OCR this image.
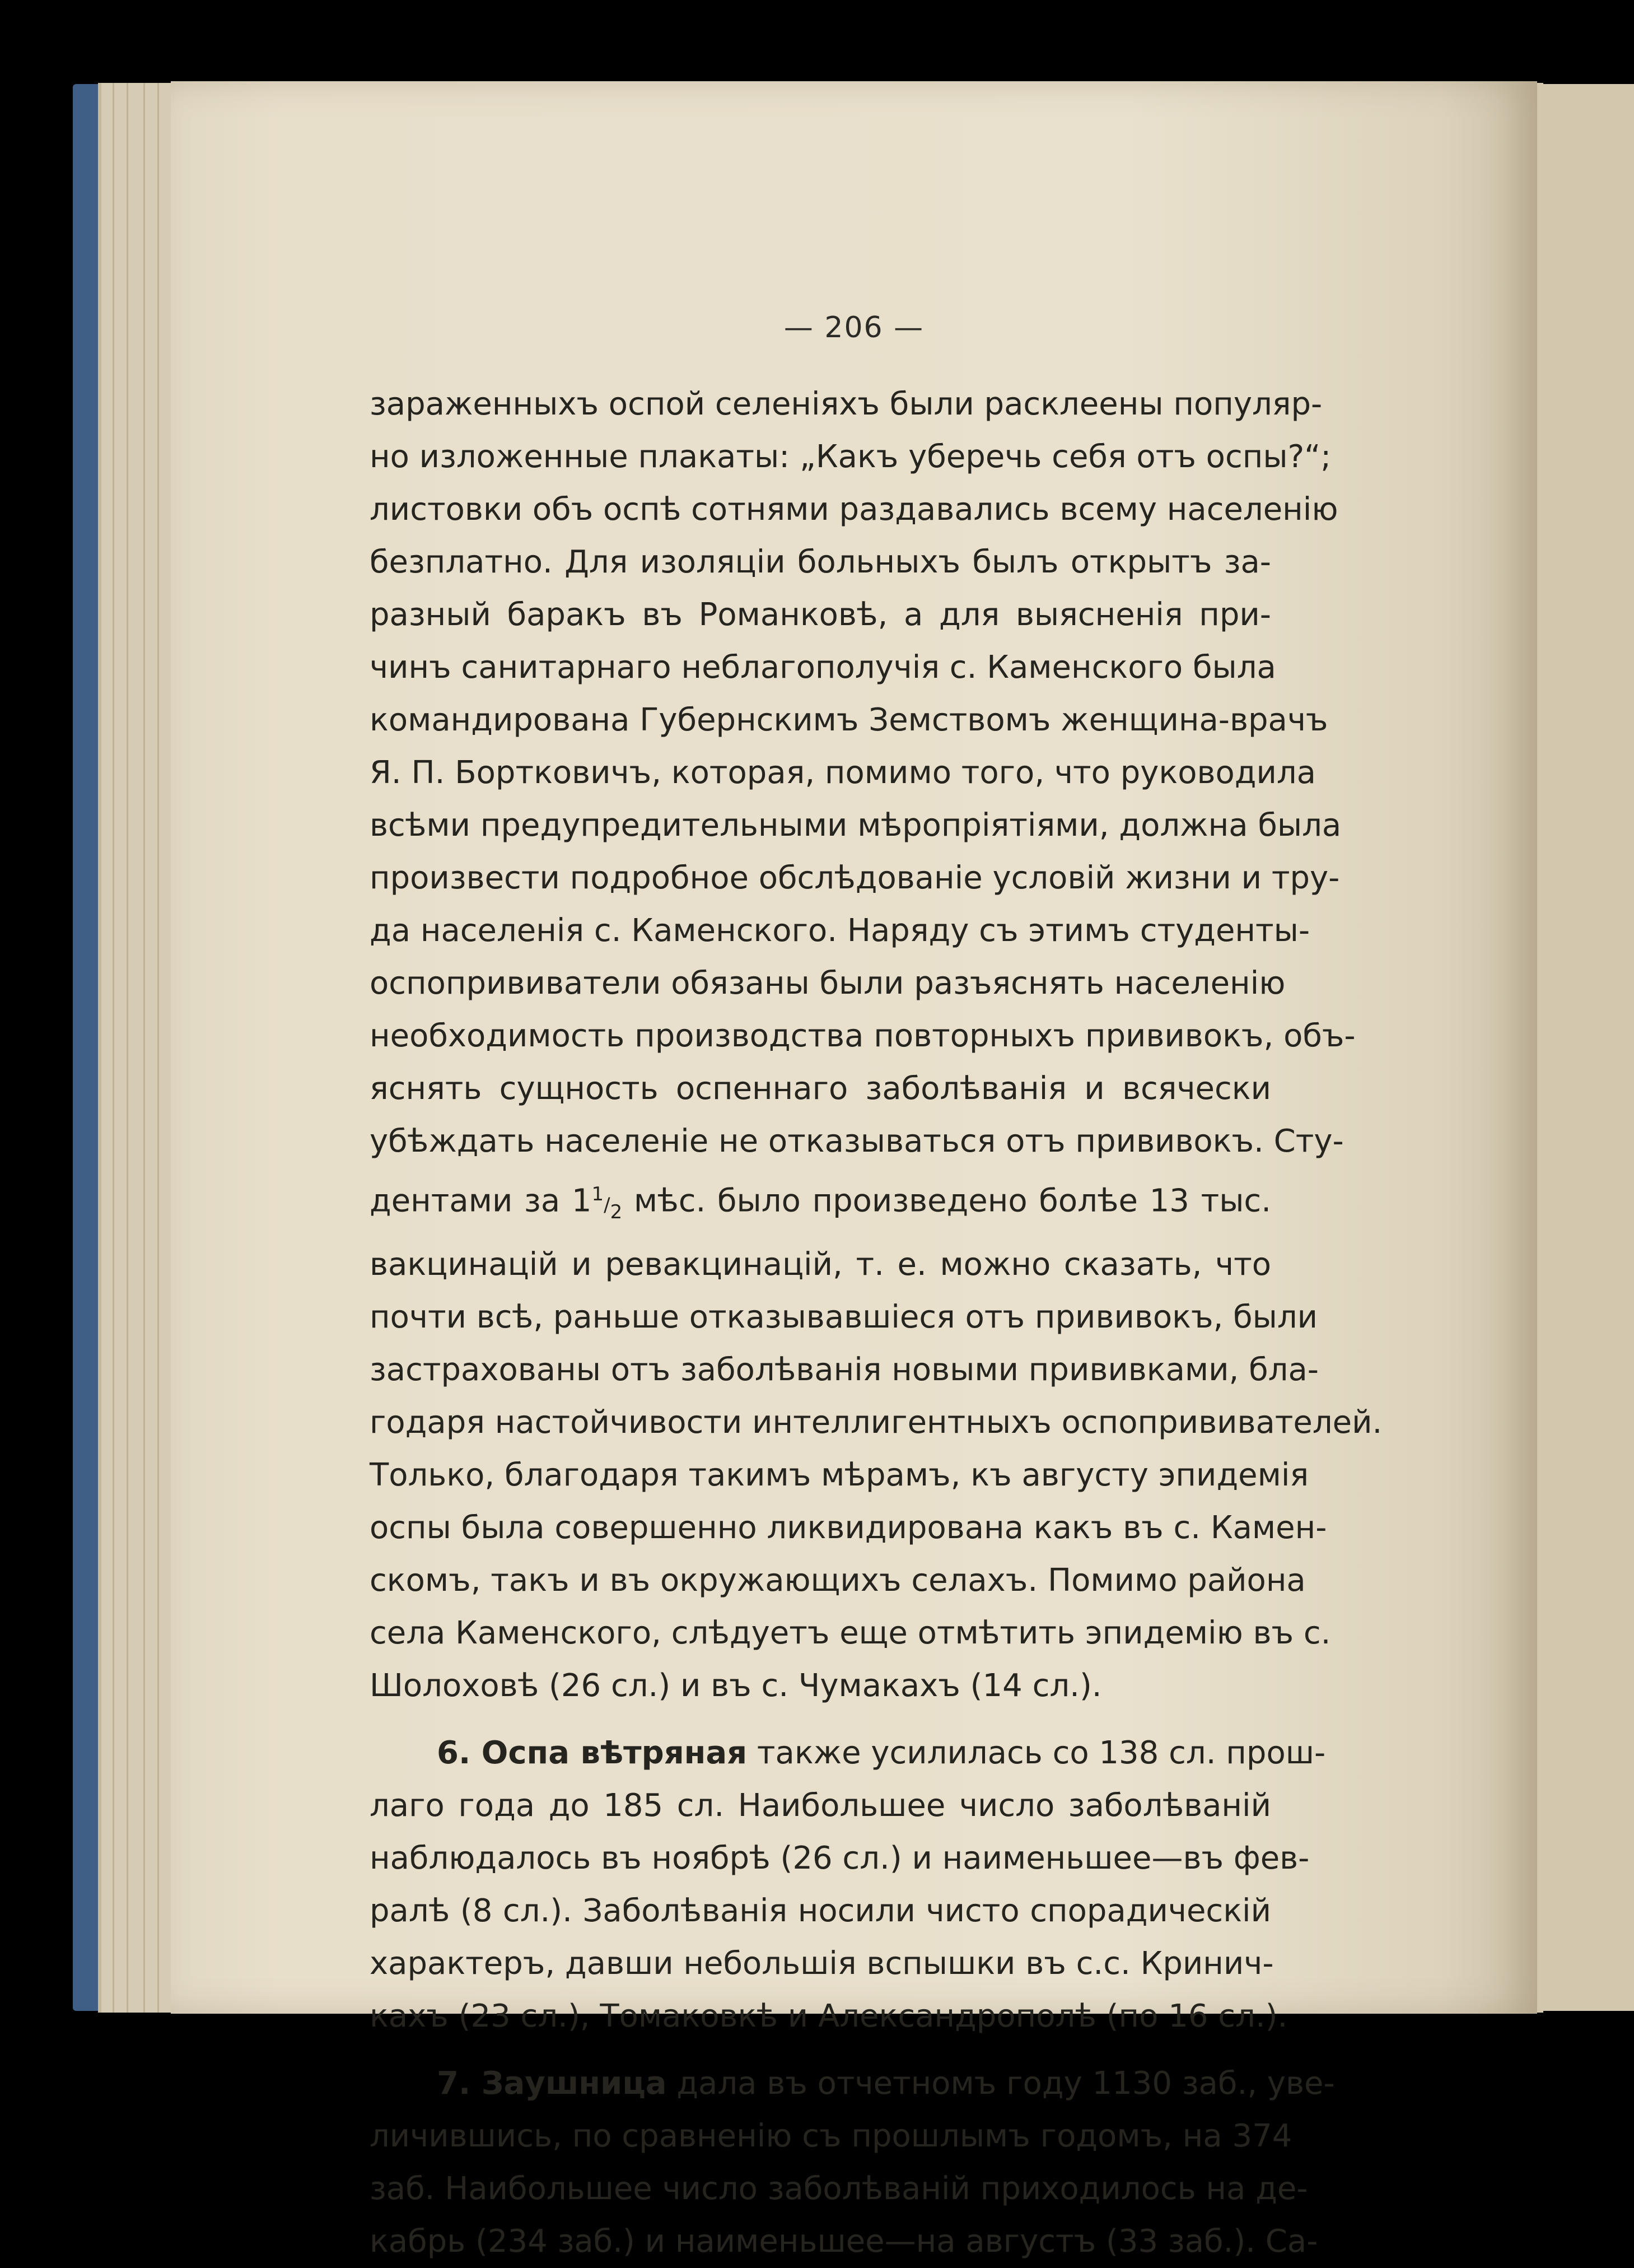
— 206 —
зараженныхъ оспой селеніяхъ были расклеены популяр-
но изложенные плакаты: „Какъ уберечь себя отъ оспы?“;
листовки объ оспѣ сотнями раздавались всему населенію
безплатно. Для изоляціи больныхъ былъ открытъ за-
разный баракъ въ Романковѣ, а для выясненія при-
чинъ санитарнаго неблагополучія с. Каменского была
командирована Губернскимъ Земствомъ женщина-врачъ
Я. П. Бортковичъ, которая, помимо того, что руководила
всѣми предупредительными мѣропріятіями, должна была
произвести подробное обслѣдованіе условій жизни и тру-
да населенія с. Каменского. Наряду съ этимъ студенты-
оспопрививатели обязаны были разъяснять населенію
необходимость производства повторныхъ прививокъ, объ-
яснять сущность оспеннаго заболѣванія и всячески
убѣждать населеніе не отказываться отъ прививокъ. Сту-
дентами за $1^1/_2$ мѣс. было произведено болѣе 13 тыс.
вакцинацій и ревакцинацій, т. е. можно сказать, что
почти всѣ, раньше отказывавшіеся отъ прививокъ, были
застрахованы отъ заболѣванія новыми прививками, бла-
годаря настойчивости интеллигентныхъ оспопрививателей.
Только, благодаря такимъ мѣрамъ, къ августу эпидемія
оспы была совершенно ликвидирована какъ въ с. Камен-
скомъ, такъ и въ окружающихъ селахъ. Помимо района
села Каменского, слѣдуетъ еще отмѣтить эпидемію въ с.
Шолоховѣ (26 сл.) и въ с. Чумакахъ (14 сл.).
6. Оспа вѣтряная также усилилась со 138 сл. прош-
лаго года до 185 сл. Наибольшее число заболѣваній
наблюдалось въ ноябрѣ (26 сл.) и наименьшее—въ фев-
ралѣ (8 сл.). Заболѣванія носили чисто спорадическій
характеръ, давши небольшія вспышки въ с.с. Кринич-
кахъ (23 сл.), Томаковкѣ и Александрополѣ (по 16 сл.).
7. Заушница дала въ отчетномъ году 1130 заб., уве-
личившись, по сравненію съ прошлымъ годомъ, на 374
заб. Наибольшее число заболѣваній приходилось на де-
кабрь (234 заб.) и наименьшее—на августъ (33 заб.). Са-
